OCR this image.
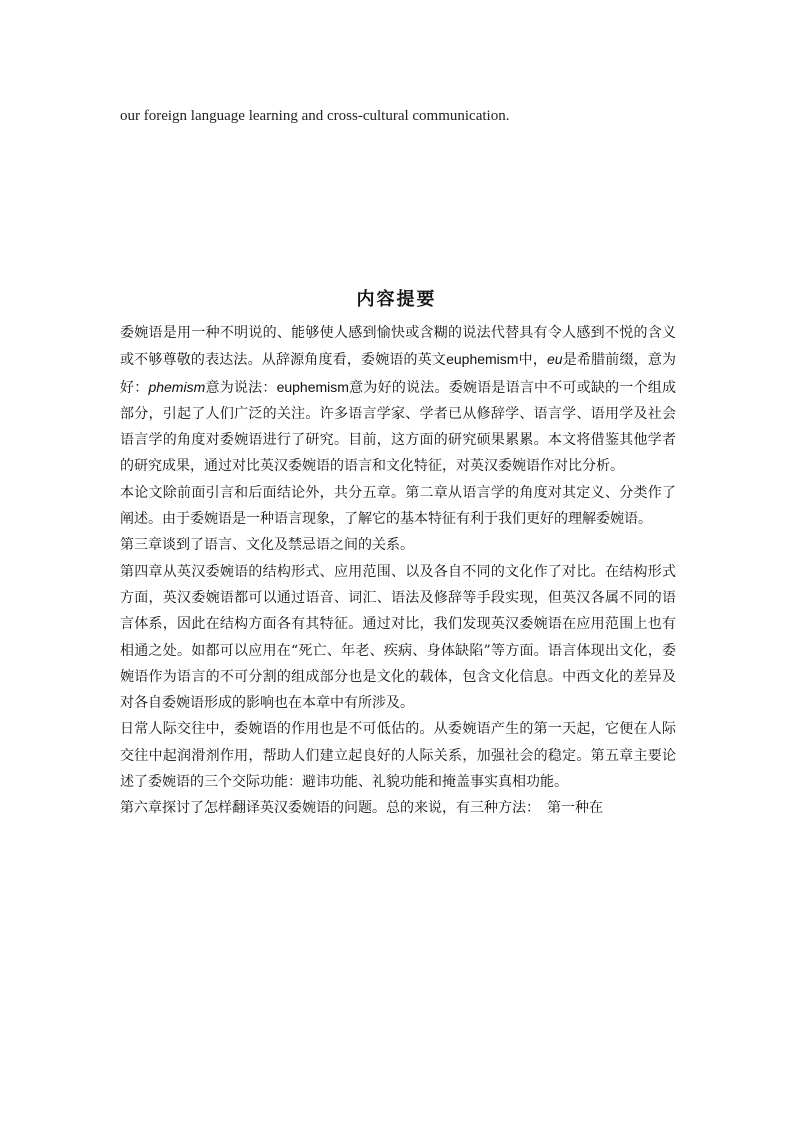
our foreign language learning and cross-cultural communication.
内容提要

委婉语是用一种不明说的、能够使人感到愉快或含糊的说法代替具有令人感到不悦的含义或不够尊敬的表达法。从辞源角度看，委婉语的英文euphemism中，eu是希腊前缀，意为好：phemism意为说法：euphemism意为好的说法。委婉语是语言中不可或缺的一个组成部分，引起了人们广泛的关注。许多语言学家、学者已从修辞学、语言学、语用学及社会语言学的角度对委婉语进行了研究。目前，这方面的研究硕果累累。本文将借鉴其他学者的研究成果，通过对比英汉委婉语的语言和文化特征，对英汉委婉语作对比分析。

本论文除前面引言和后面结论外，共分五章。第二章从语言学的角度对其定义、分类作了阐述。由于委婉语是一种语言现象，了解它的基本特征有利于我们更好的理解委婉语。

第三章谈到了语言、文化及禁忌语之间的关系。

第四章从英汉委婉语的结构形式、应用范围、以及各自不同的文化作了对比。在结构形式方面，英汉委婉语都可以通过语音、词汇、语法及修辞等手段实现，但英汉各属不同的语言体系，因此在结构方面各有其特征。通过对比，我们发现英汉委婉语在应用范围上也有相通之处。如都可以应用在“死亡、年老、疾病、身体缺陷”等方面。语言体现出文化，委婉语作为语言的不可分割的组成部分也是文化的载体，包含文化信息。中西文化的差异及对各自委婉语形成的影响也在本章中有所涉及。

日常人际交往中，委婉语的作用也是不可低估的。从委婉语产生的第一天起，它便在人际交往中起润滑剂作用，帮助人们建立起良好的人际关系，加强社会的稳定。第五章主要论述了委婉语的三个交际功能：避讳功能、礼貌功能和掩盖事实真相功能。

第六章探讨了怎样翻译英汉委婉语的问题。总的来说，有三种方法：　第一种在
